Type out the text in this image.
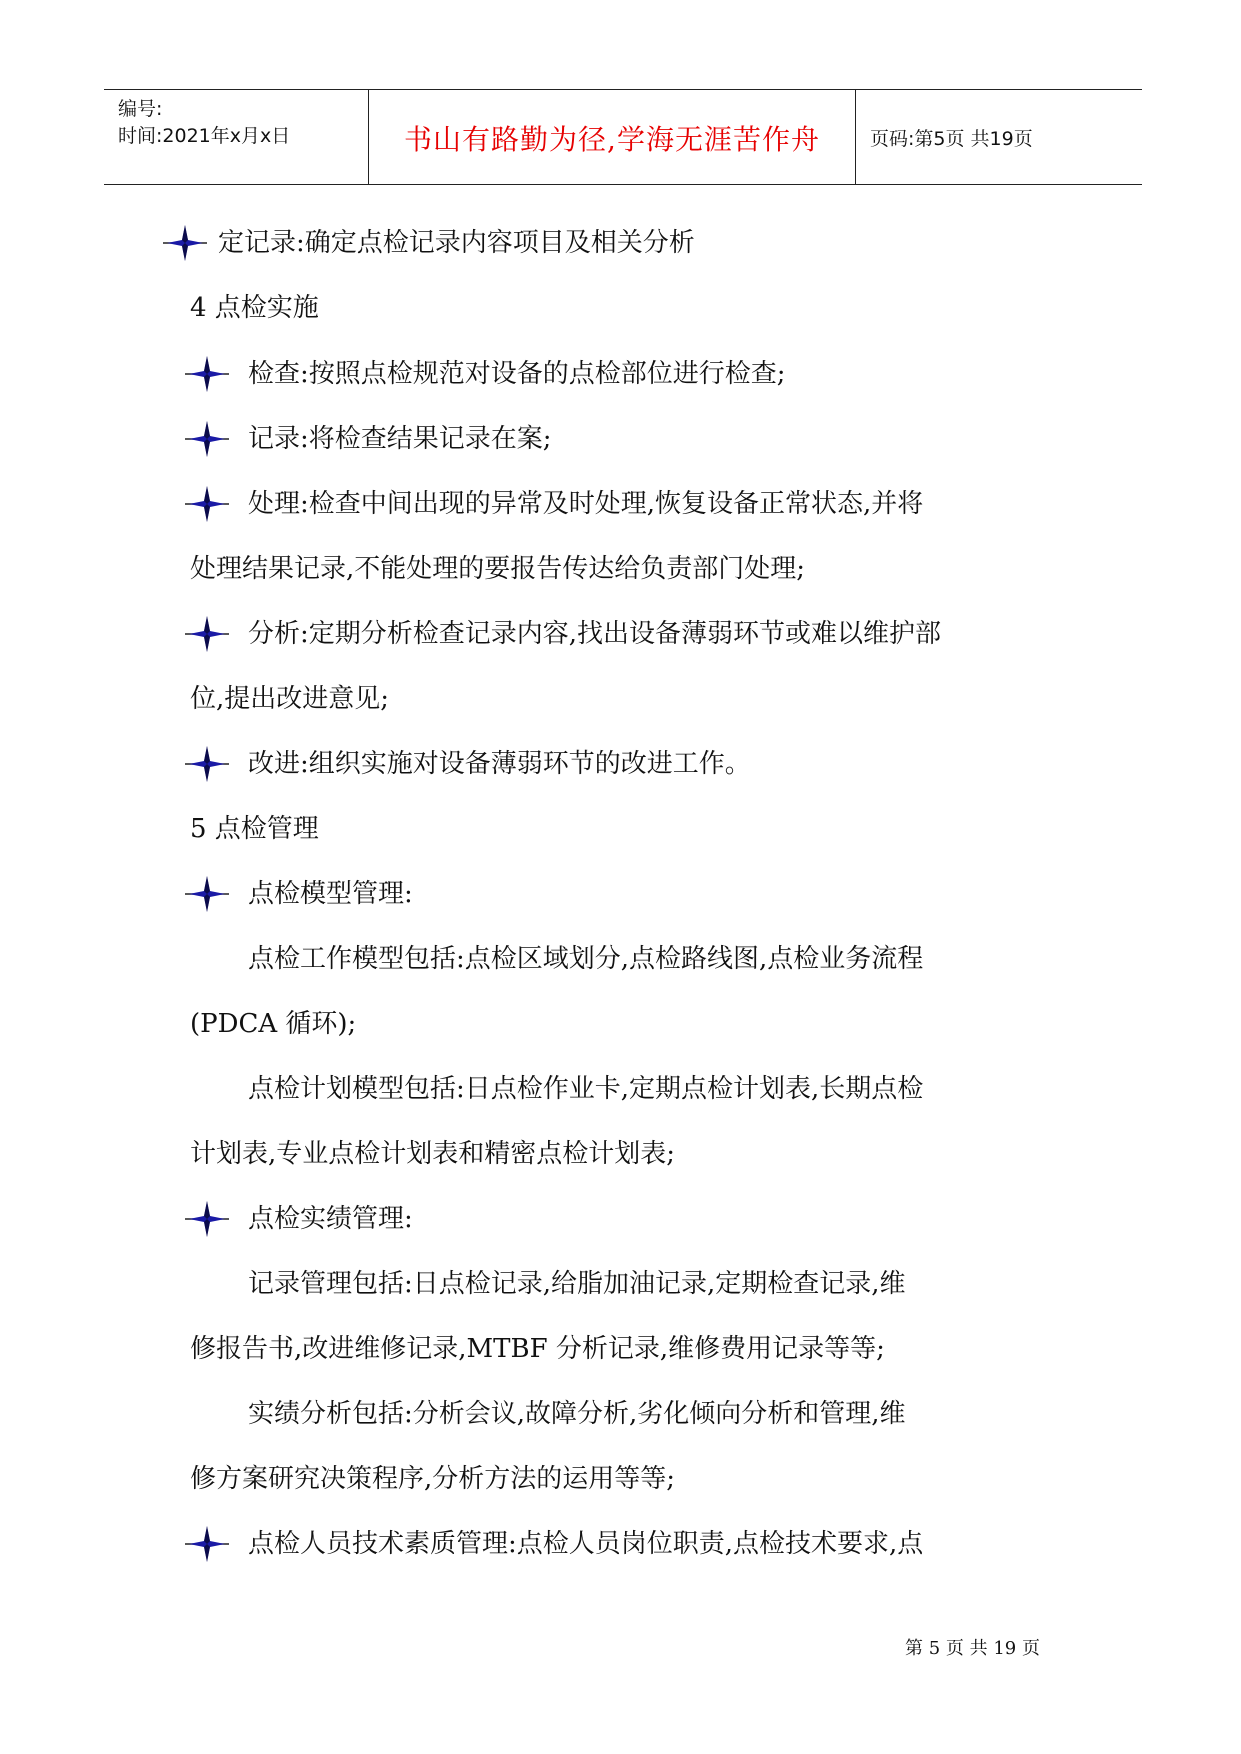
编号:
时间:2021年x月x日	书山有路勤为径,学海无涯苦作舟	页码:第5页 共19页
定记录:确定点检记录内容项目及相关分析
4 点检实施
检查:按照点检规范对设备的点检部位进行检查;
记录:将检查结果记录在案;
处理:检查中间出现的异常及时处理,恢复设备正常状态,并将
处理结果记录,不能处理的要报告传达给负责部门处理;
分析:定期分析检查记录内容,找出设备薄弱环节或难以维护部
位,提出改进意见;
改进:组织实施对设备薄弱环节的改进工作。
5 点检管理
点检模型管理:
点检工作模型包括:点检区域划分,点检路线图,点检业务流程
(PDCA 循环);
点检计划模型包括:日点检作业卡,定期点检计划表,长期点检
计划表,专业点检计划表和精密点检计划表;
点检实绩管理:
记录管理包括:日点检记录,给脂加油记录,定期检查记录,维
修报告书,改进维修记录,MTBF 分析记录,维修费用记录等等;
实绩分析包括:分析会议,故障分析,劣化倾向分析和管理,维
修方案研究决策程序,分析方法的运用等等;
点检人员技术素质管理:点检人员岗位职责,点检技术要求,点
第 5 页 共 19 页
